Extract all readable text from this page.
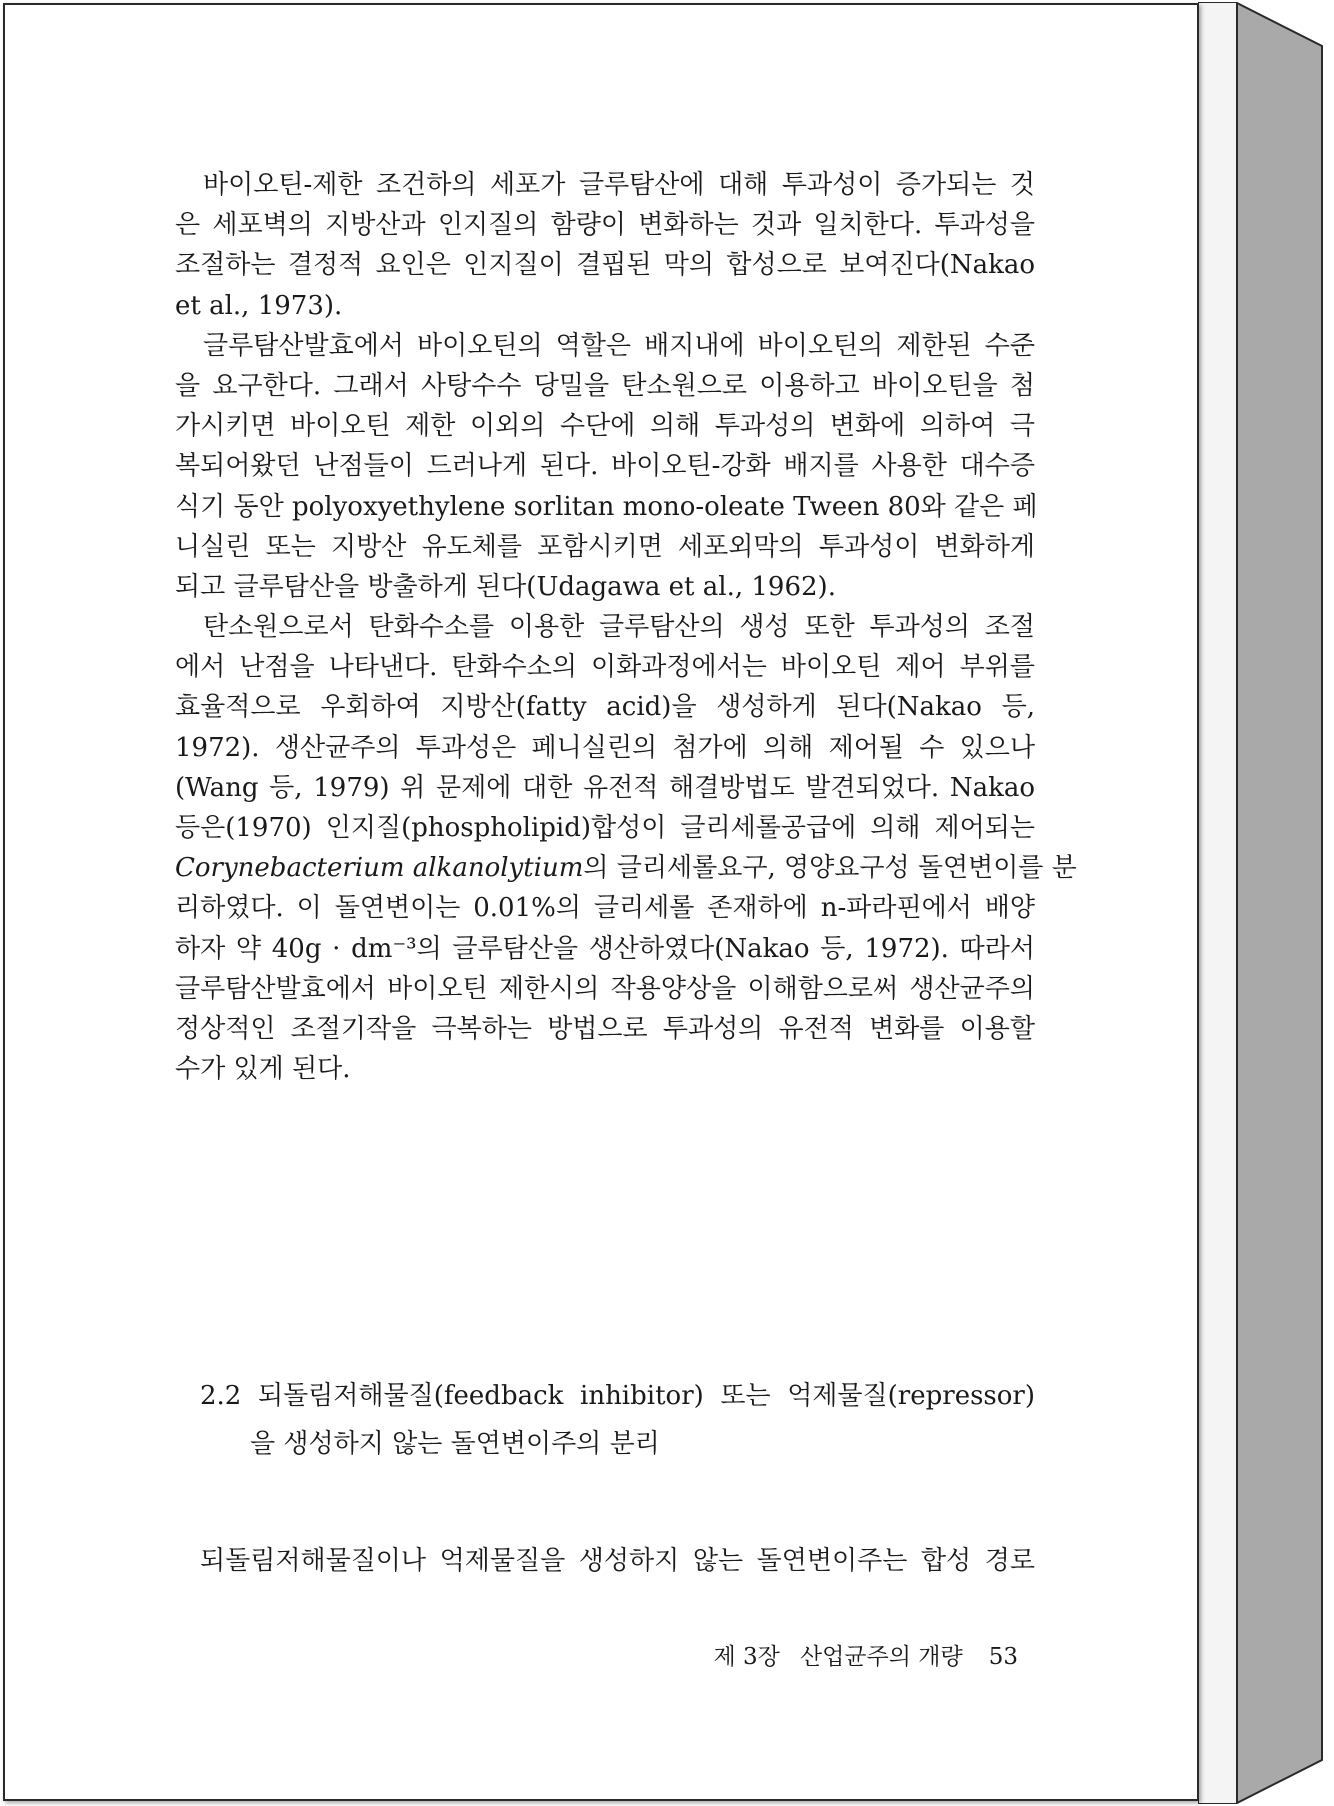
바이오틴-제한 조건하의 세포가 글루탐산에 대해 투과성이 증가되는 것
은 세포벽의 지방산과 인지질의 함량이 변화하는 것과 일치한다. 투과성을
조절하는 결정적 요인은 인지질이 결핍된 막의 합성으로 보여진다(Nakao
et al., 1973).
글루탐산발효에서 바이오틴의 역할은 배지내에 바이오틴의 제한된 수준
을 요구한다. 그래서 사탕수수 당밀을 탄소원으로 이용하고 바이오틴을 첨
가시키면 바이오틴 제한 이외의 수단에 의해 투과성의 변화에 의하여 극
복되어왔던 난점들이 드러나게 된다. 바이오틴-강화 배지를 사용한 대수증
식기 동안 polyoxyethylene sorlitan mono-oleate Tween 80와 같은 페
니실린 또는 지방산 유도체를 포함시키면 세포외막의 투과성이 변화하게
되고 글루탐산을 방출하게 된다(Udagawa et al., 1962).
탄소원으로서 탄화수소를 이용한 글루탐산의 생성 또한 투과성의 조절
에서 난점을 나타낸다. 탄화수소의 이화과정에서는 바이오틴 제어 부위를
효율적으로 우회하여 지방산(fatty acid)을 생성하게 된다(Nakao 등,
1972). 생산균주의 투과성은 페니실린의 첨가에 의해 제어될 수 있으나
(Wang 등, 1979) 위 문제에 대한 유전적 해결방법도 발견되었다. Nakao
등은(1970) 인지질(phospholipid)합성이 글리세롤공급에 의해 제어되는
Corynebacterium alkanolytium의 글리세롤요구, 영양요구성 돌연변이를 분
리하였다. 이 돌연변이는 0.01%의 글리세롤 존재하에 n-파라핀에서 배양
하자 약 40g · dm⁻³의 글루탐산을 생산하였다(Nakao 등, 1972). 따라서
글루탐산발효에서 바이오틴 제한시의 작용양상을 이해함으로써 생산균주의
정상적인 조절기작을 극복하는 방법으로 투과성의 유전적 변화를 이용할
수가 있게 된다.
2.2 되돌림저해물질(feedback inhibitor) 또는 억제물질(repressor)
을 생성하지 않는 돌연변이주의 분리
되돌림저해물질이나 억제물질을 생성하지 않는 돌연변이주는 합성 경로
제 3장 산업균주의 개량 53
